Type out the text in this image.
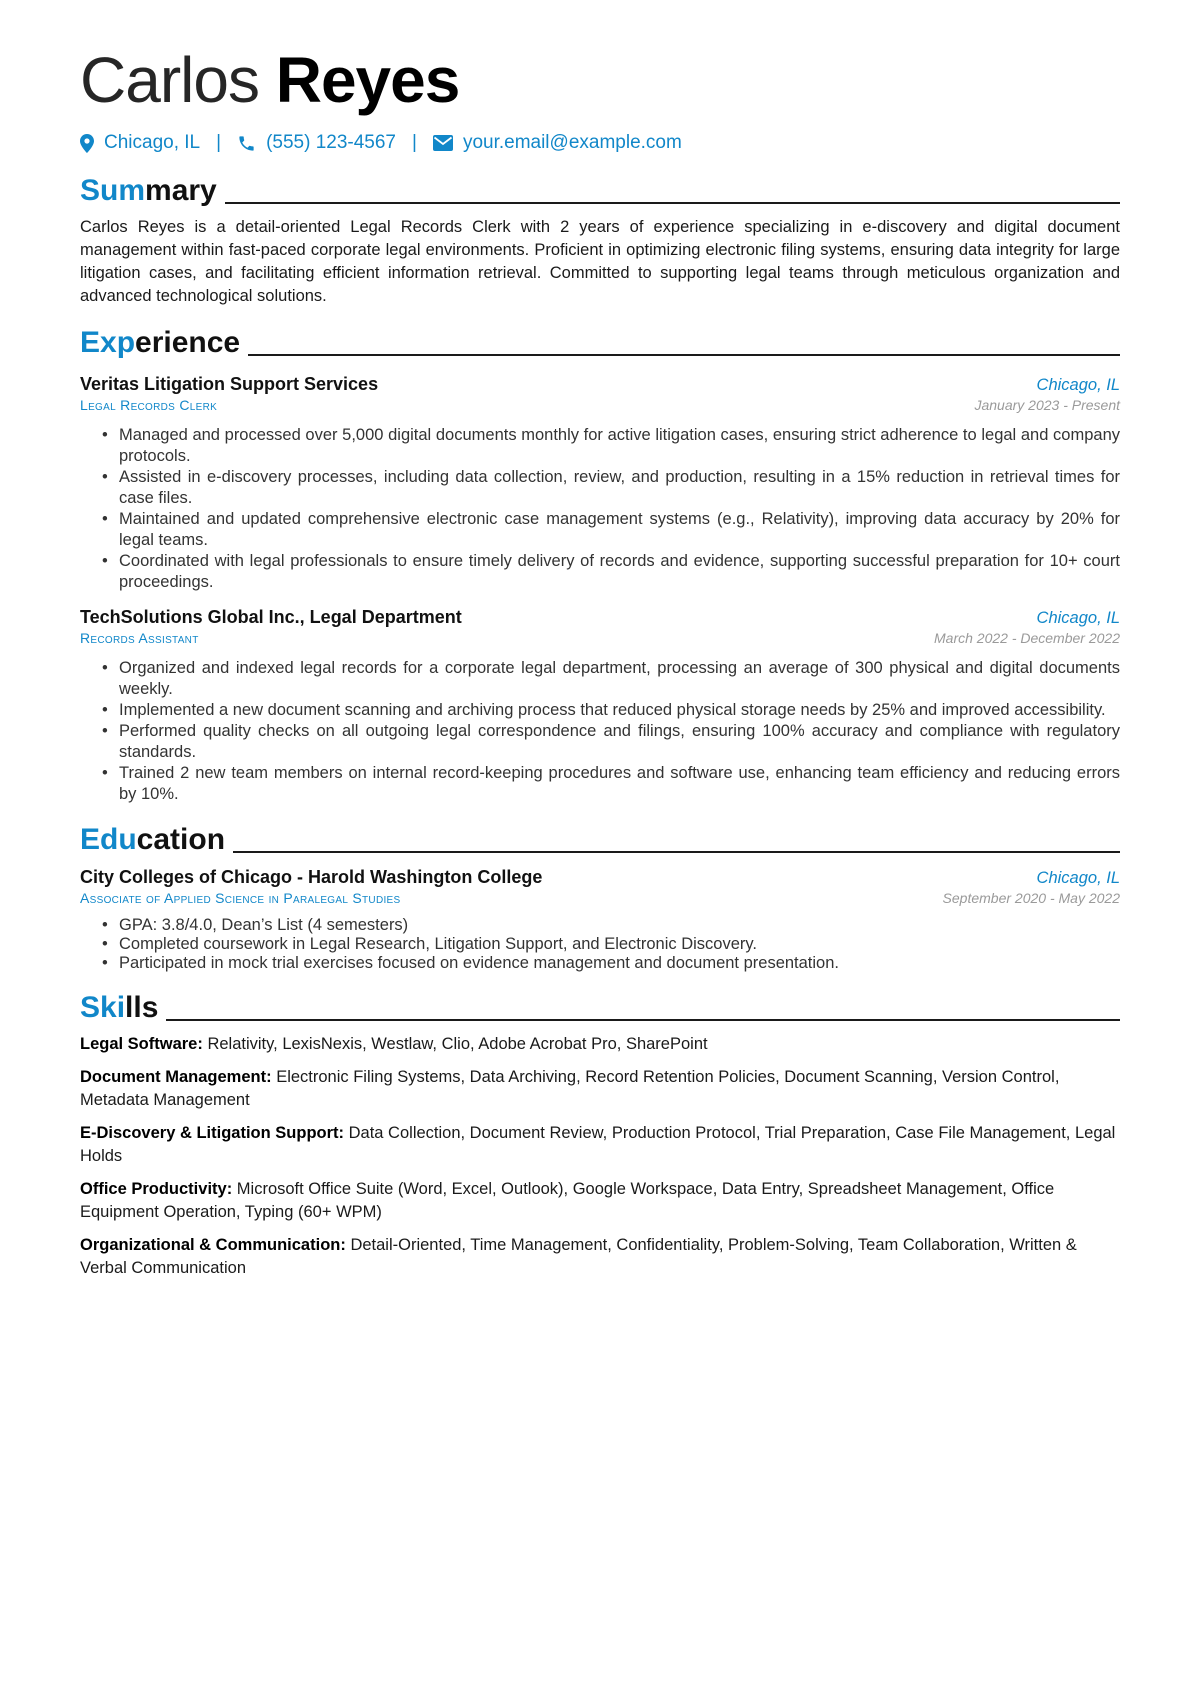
Carlos Reyes
Chicago, IL | (555) 123-4567 | your.email@example.com
Summary
Carlos Reyes is a detail-oriented Legal Records Clerk with 2 years of experience specializing in e-discovery and digital document management within fast-paced corporate legal environments. Proficient in optimizing electronic filing systems, ensuring data integrity for large litigation cases, and facilitating efficient information retrieval. Committed to supporting legal teams through meticulous organization and advanced technological solutions.
Experience
Veritas Litigation Support Services	Chicago, IL
Legal Records Clerk	January 2023 - Present
• Managed and processed over 5,000 digital documents monthly for active litigation cases, ensuring strict adherence to legal and company protocols.
• Assisted in e-discovery processes, including data collection, review, and production, resulting in a 15% reduction in retrieval times for case files.
• Maintained and updated comprehensive electronic case management systems (e.g., Relativity), improving data accuracy by 20% for legal teams.
• Coordinated with legal professionals to ensure timely delivery of records and evidence, supporting successful preparation for 10+ court proceedings.
TechSolutions Global Inc., Legal Department	Chicago, IL
Records Assistant	March 2022 - December 2022
• Organized and indexed legal records for a corporate legal department, processing an average of 300 physical and digital documents weekly.
• Implemented a new document scanning and archiving process that reduced physical storage needs by 25% and improved accessibility.
• Performed quality checks on all outgoing legal correspondence and filings, ensuring 100% accuracy and compliance with regulatory standards.
• Trained 2 new team members on internal record-keeping procedures and software use, enhancing team efficiency and reducing errors by 10%.
Education
City Colleges of Chicago - Harold Washington College	Chicago, IL
Associate of Applied Science in Paralegal Studies	September 2020 - May 2022
• GPA: 3.8/4.0, Dean’s List (4 semesters)
• Completed coursework in Legal Research, Litigation Support, and Electronic Discovery.
• Participated in mock trial exercises focused on evidence management and document presentation.
Skills
Legal Software: Relativity, LexisNexis, Westlaw, Clio, Adobe Acrobat Pro, SharePoint
Document Management: Electronic Filing Systems, Data Archiving, Record Retention Policies, Document Scanning, Version Control, Metadata Management
E-Discovery & Litigation Support: Data Collection, Document Review, Production Protocol, Trial Preparation, Case File Management, Legal Holds
Office Productivity: Microsoft Office Suite (Word, Excel, Outlook), Google Workspace, Data Entry, Spreadsheet Management, Office Equipment Operation, Typing (60+ WPM)
Organizational & Communication: Detail-Oriented, Time Management, Confidentiality, Problem-Solving, Team Collaboration, Written & Verbal Communication
